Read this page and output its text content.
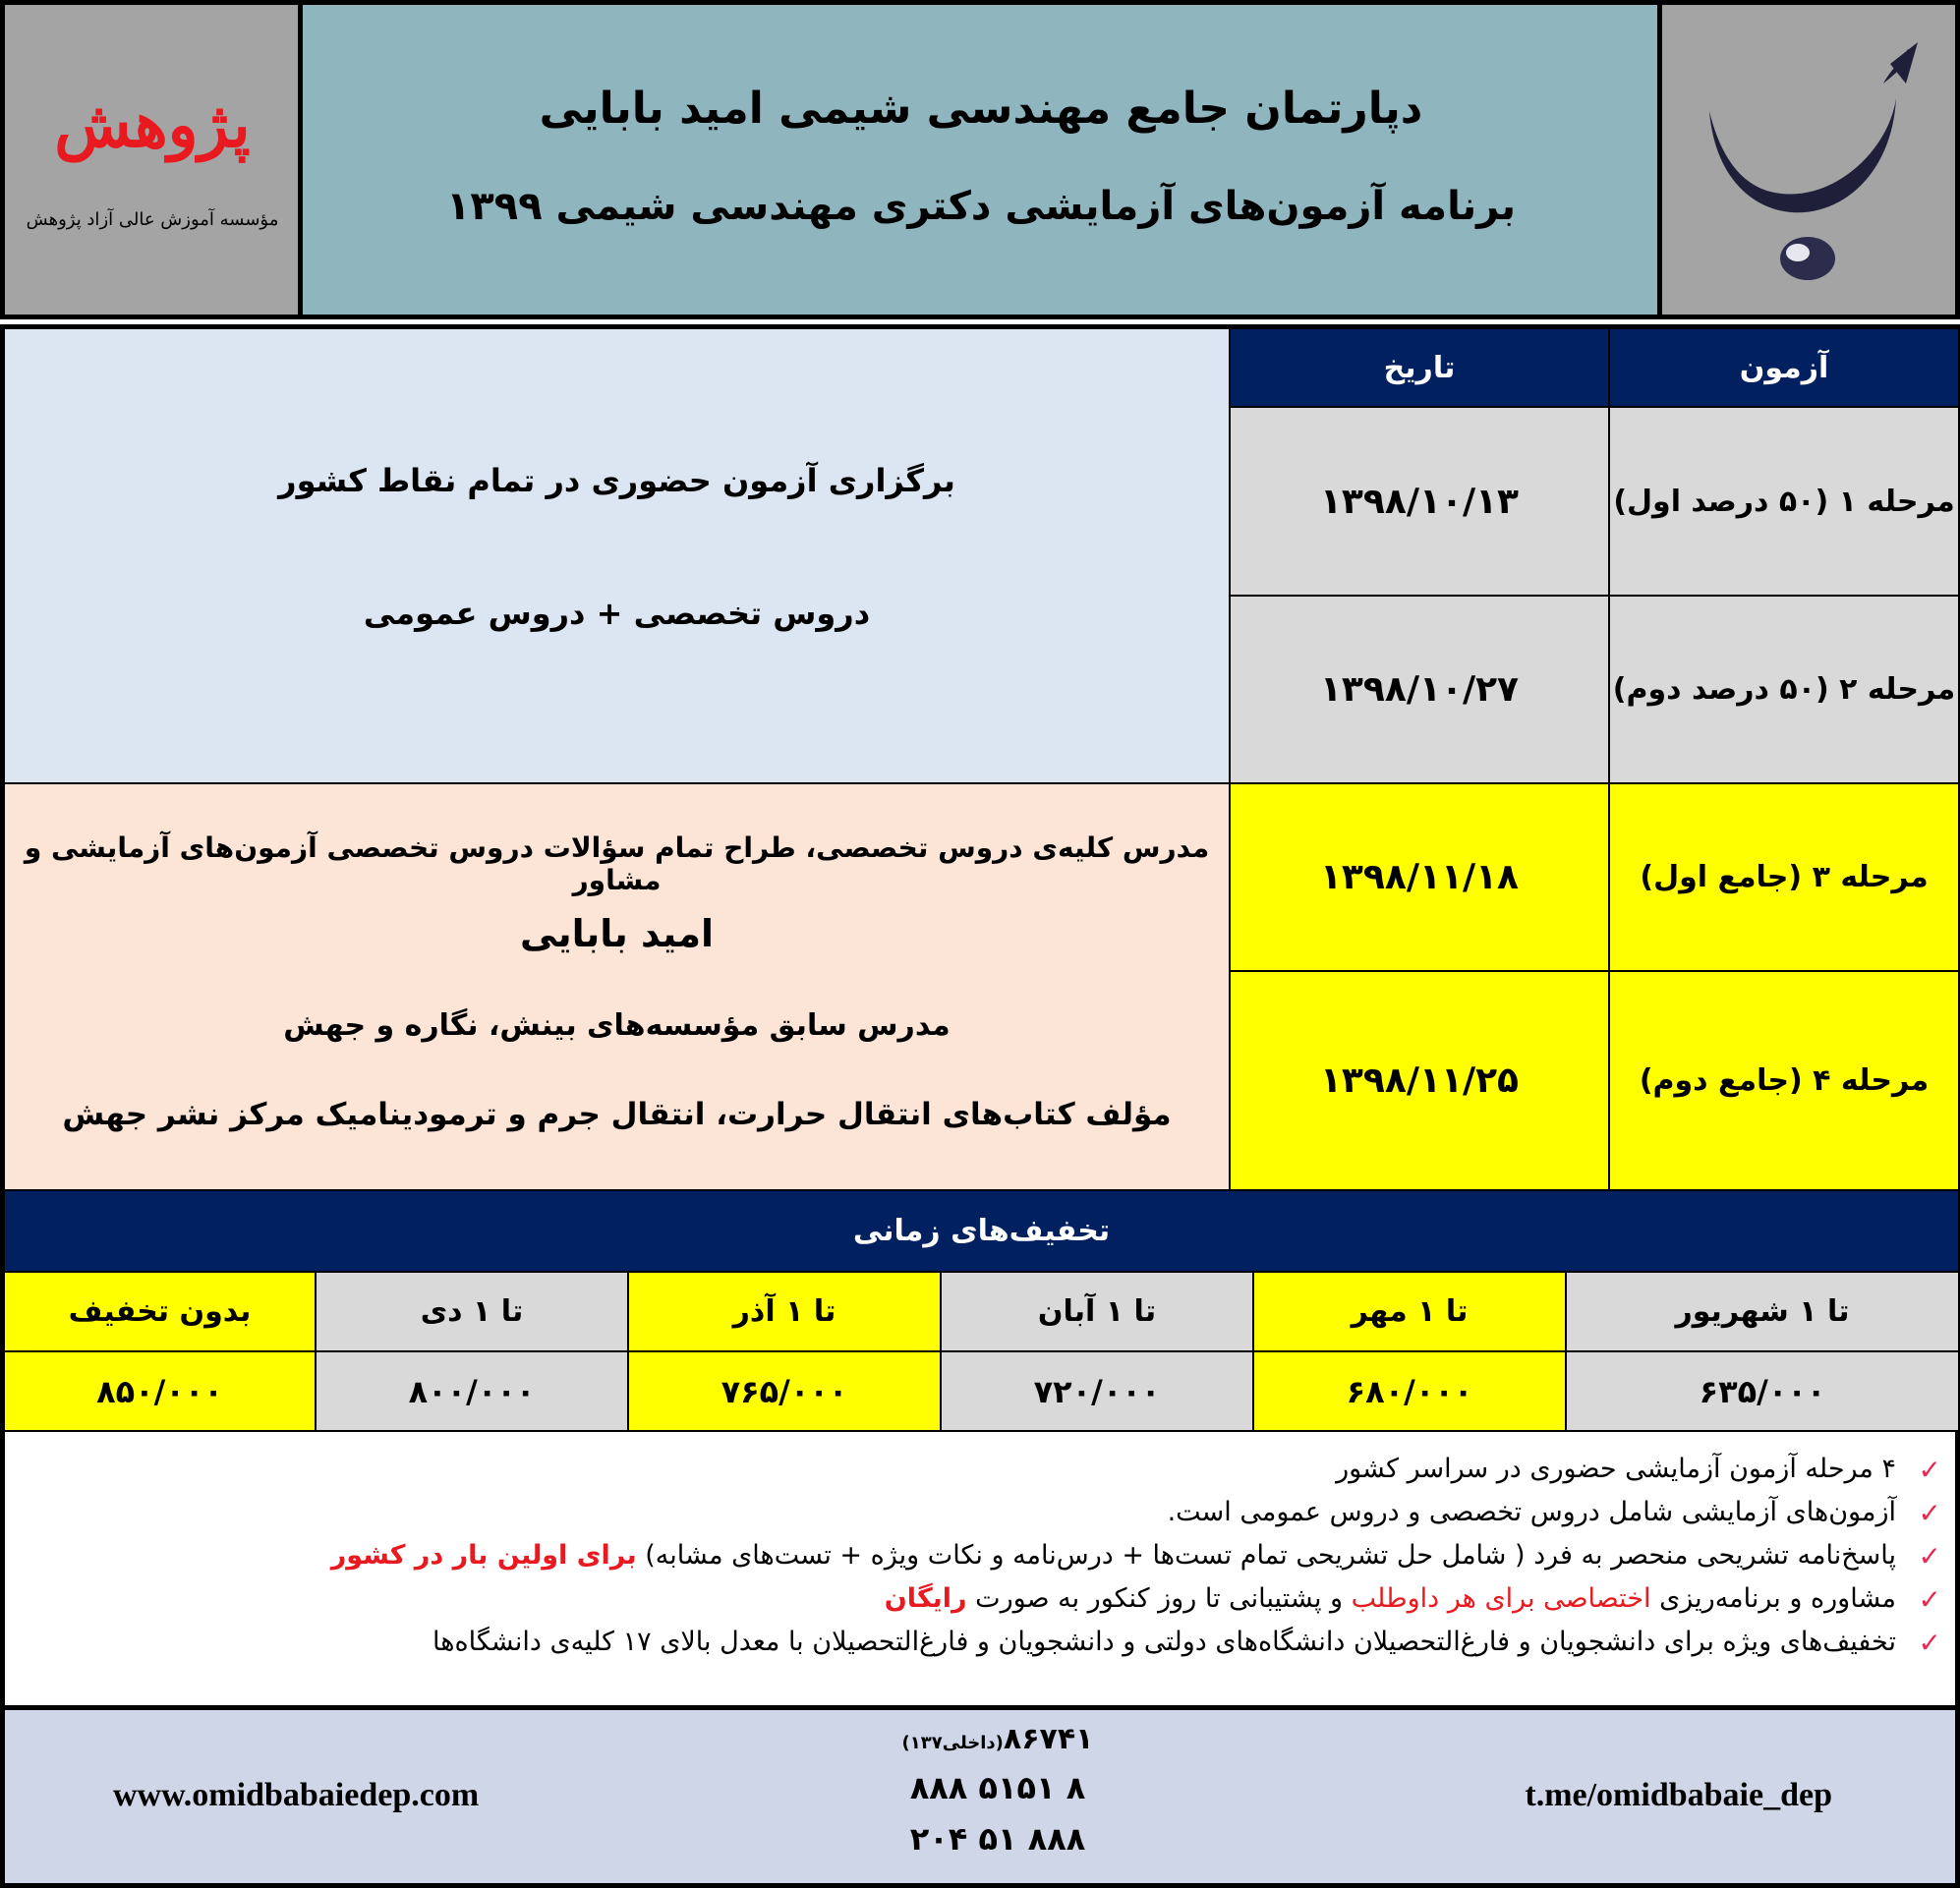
پژوهش
مؤسسه آموزش عالی آزاد پژوهش
دپارتمان جامع مهندسی شیمی امید بابایی
برنامه آزمون‌های آزمایشی دکتری مهندسی شیمی ۱۳۹۹
آزمون
تاریخ
مرحله ۱ (۵۰ درصد اول)
۱۳۹۸/۱۰/۱۳
مرحله ۲ (۵۰ درصد دوم)
۱۳۹۸/۱۰/۲۷
مرحله ۳ (جامع اول)
۱۳۹۸/۱۱/۱۸
مرحله ۴ (جامع دوم)
۱۳۹۸/۱۱/۲۵
برگزاری آزمون حضوری در تمام نقاط کشور
دروس تخصصی + دروس عمومی
مدرس کلیه‌ی دروس تخصصی، طراح تمام سؤالات دروس تخصصی آزمون‌های آزمایشی و مشاور
امید بابایی
مدرس سابق مؤسسه‌های بینش، نگاره و جهش
مؤلف کتاب‌های انتقال حرارت، انتقال جرم و ترمودینامیک مرکز نشر جهش
تخفیف‌های زمانی
تا ۱ شهریور
تا ۱ مهر
تا ۱ آبان
تا ۱ آذر
تا ۱ دی
بدون تخفیف
۶۳۵/۰۰۰
۶۸۰/۰۰۰
۷۲۰/۰۰۰
۷۶۵/۰۰۰
۸۰۰/۰۰۰
۸۵۰/۰۰۰
✓
۴ مرحله آزمون آزمایشی حضوری در سراسر کشور
✓
آزمون‌های آزمایشی شامل دروس تخصصی و دروس عمومی است.
✓
پاسخ‌نامه تشریحی منحصر به فرد ( شامل حل تشریحی تمام تست‌ها + درس‌نامه و نکات ویژه + تست‌های مشابه) برای اولین بار در کشور
✓
مشاوره و برنامه‌ریزی اختصاصی برای هر داوطلب و پشتیبانی تا روز کنکور به صورت رایگان
✓
تخفیف‌های ویژه برای دانشجویان و فارغ‌التحصیلان دانشگاه‌های دولتی و دانشجویان و فارغ‌التحصیلان با معدل بالای ۱۷ کلیه‌ی دانشگاه‌ها
www.omidbabaiedep.com	t.me/omidbabaie_dep
۸۶۷۴۱(داخلی۱۳۷)
۸ ۵۱۵۱ ۸۸۸
۸۸۸ ۵۱ ۲۰۴
